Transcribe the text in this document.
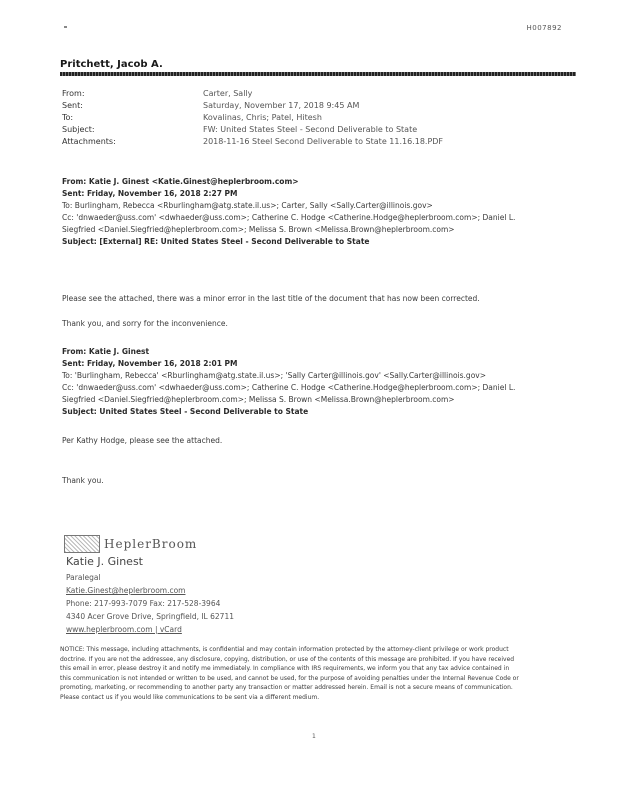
H007892
Pritchett, Jacob A.
From:
Sent:
To:
Subject:
Attachments:
Carter, Sally
Saturday, November 17, 2018 9:45 AM
Kovalinas, Chris; Patel, Hitesh
FW: United States Steel - Second Deliverable to State
2018-11-16 Steel Second Deliverable to State 11.16.18.PDF
From: Katie J. Ginest <Katie.Ginest@heplerbroom.com>
Sent: Friday, November 16, 2018 2:27 PM
To: Burlingham, Rebecca <Rburlingham@atg.state.il.us>; Carter, Sally <Sally.Carter@illinois.gov>
Cc: 'dnwaeder@uss.com' <dwhaeder@uss.com>; Catherine C. Hodge <Catherine.Hodge@heplerbroom.com>; Daniel L.
Siegfried <Daniel.Siegfried@heplerbroom.com>; Melissa S. Brown <Melissa.Brown@heplerbroom.com>
Subject: [External] RE: United States Steel - Second Deliverable to State
Please see the attached, there was a minor error in the last title of the document that has now been corrected.
Thank you, and sorry for the inconvenience.
From: Katie J. Ginest
Sent: Friday, November 16, 2018 2:01 PM
To: 'Burlingham, Rebecca' <Rburlingham@atg.state.il.us>; 'Sally Carter@illinois.gov' <Sally.Carter@illinois.gov>
Cc: 'dnwaeder@uss.com' <dwhaeder@uss.com>; Catherine C. Hodge <Catherine.Hodge@heplerbroom.com>; Daniel L.
Siegfried <Daniel.Siegfried@heplerbroom.com>; Melissa S. Brown <Melissa.Brown@heplerbroom.com>
Subject: United States Steel - Second Deliverable to State
Per Kathy Hodge, please see the attached.
Thank you.
HeplerBroom
Katie J. Ginest
Paralegal
Katie.Ginest@heplerbroom.com
Phone: 217-993-7079 Fax: 217-528-3964
4340 Acer Grove Drive, Springfield, IL 62711
www.heplerbroom.com | vCard
NOTICE: This message, including attachments, is confidential and may contain information protected by the attorney-client privilege or work product
doctrine. If you are not the addressee, any disclosure, copying, distribution, or use of the contents of this message are prohibited. If you have received
this email in error, please destroy it and notify me immediately. In compliance with IRS requirements, we inform you that any tax advice contained in
this communication is not intended or written to be used, and cannot be used, for the purpose of avoiding penalties under the Internal Revenue Code or
promoting, marketing, or recommending to another party any transaction or matter addressed herein. Email is not a secure means of communication.
Please contact us if you would like communications to be sent via a different medium.
1
